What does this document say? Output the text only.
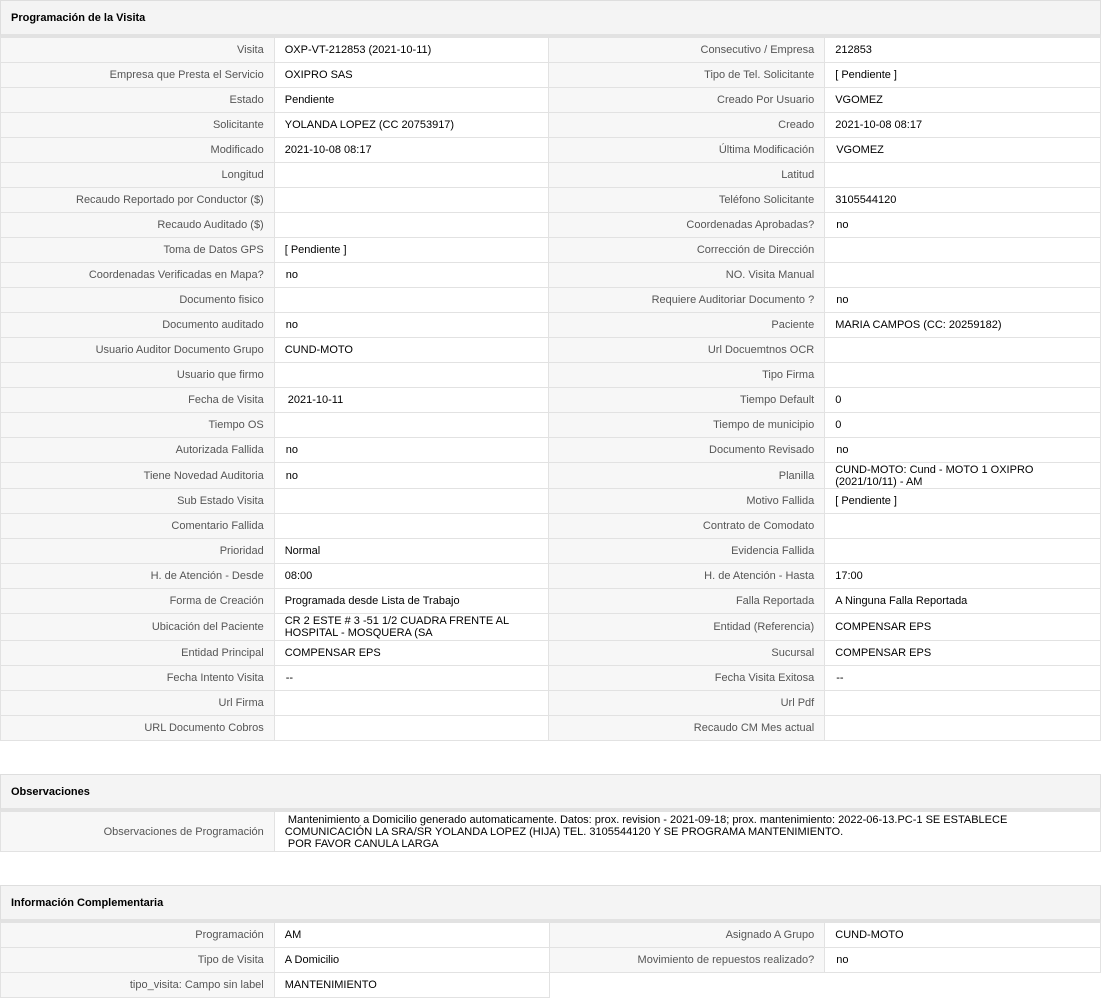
Programación de la Visita
Visita	OXP-VT-212853 (2021-10-11)	Consecutivo / Empresa	212853
Empresa que Presta el Servicio	OXIPRO SAS	Tipo de Tel. Solicitante	[ Pendiente ]
Estado	Pendiente	Creado Por Usuario	VGOMEZ
Solicitante	YOLANDA LOPEZ (CC 20753917)	Creado	2021-10-08 08:17
Modificado	2021-10-08 08:17	Última Modificación	VGOMEZ
Longitud		Latitud	
Recaudo Reportado por Conductor ($)		Teléfono Solicitante	3105544120
Recaudo Auditado ($)		Coordenadas Aprobadas?	no
Toma de Datos GPS	[ Pendiente ]	Corrección de Dirección	
Coordenadas Verificadas en Mapa?	no	NO. Visita Manual	
Documento fisico		Requiere Auditoriar Documento ?	no
Documento auditado	no	Paciente	MARIA CAMPOS (CC: 20259182)
Usuario Auditor Documento Grupo	CUND-MOTO	Url Docuemtnos OCR	
Usuario que firmo		Tipo Firma	
Fecha de Visita	2021-10-11	Tiempo Default	0
Tiempo OS		Tiempo de municipio	0
Autorizada Fallida	no	Documento Revisado	no
Tiene Novedad Auditoria	no	Planilla	CUND-MOTO: Cund - MOTO 1 OXIPRO (2021/10/11) - AM
Sub Estado Visita		Motivo Fallida	[ Pendiente ]
Comentario Fallida		Contrato de Comodato	
Prioridad	Normal	Evidencia Fallida	
H. de Atención - Desde	08:00	H. de Atención - Hasta	17:00
Forma de Creación	Programada desde Lista de Trabajo	Falla Reportada	A Ninguna Falla Reportada
Ubicación del Paciente	CR 2 ESTE # 3 -51 1/2 CUADRA FRENTE AL HOSPITAL - MOSQUERA (SA	Entidad (Referencia)	COMPENSAR EPS
Entidad Principal	COMPENSAR EPS	Sucursal	COMPENSAR EPS
Fecha Intento Visita	--	Fecha Visita Exitosa	--
Url Firma		Url Pdf	
URL Documento Cobros		Recaudo CM Mes actual	
Observaciones
Observaciones de Programación	Mantenimiento a Domicilio generado automaticamente. Datos: prox. revision - 2021-09-18; prox. mantenimiento: 2022-06-13.PC-1 SE ESTABLECE COMUNICACIÓN LA SRA/SR YOLANDA LOPEZ (HIJA) TEL. 3105544120 Y SE PROGRAMA MANTENIMIENTO.
POR FAVOR CANULA LARGA
Información Complementaria
Programación	AM	Asignado A Grupo	CUND-MOTO
Tipo de Visita	A Domicilio	Movimiento de repuestos realizado?	no
tipo_visita: Campo sin label	MANTENIMIENTO		
